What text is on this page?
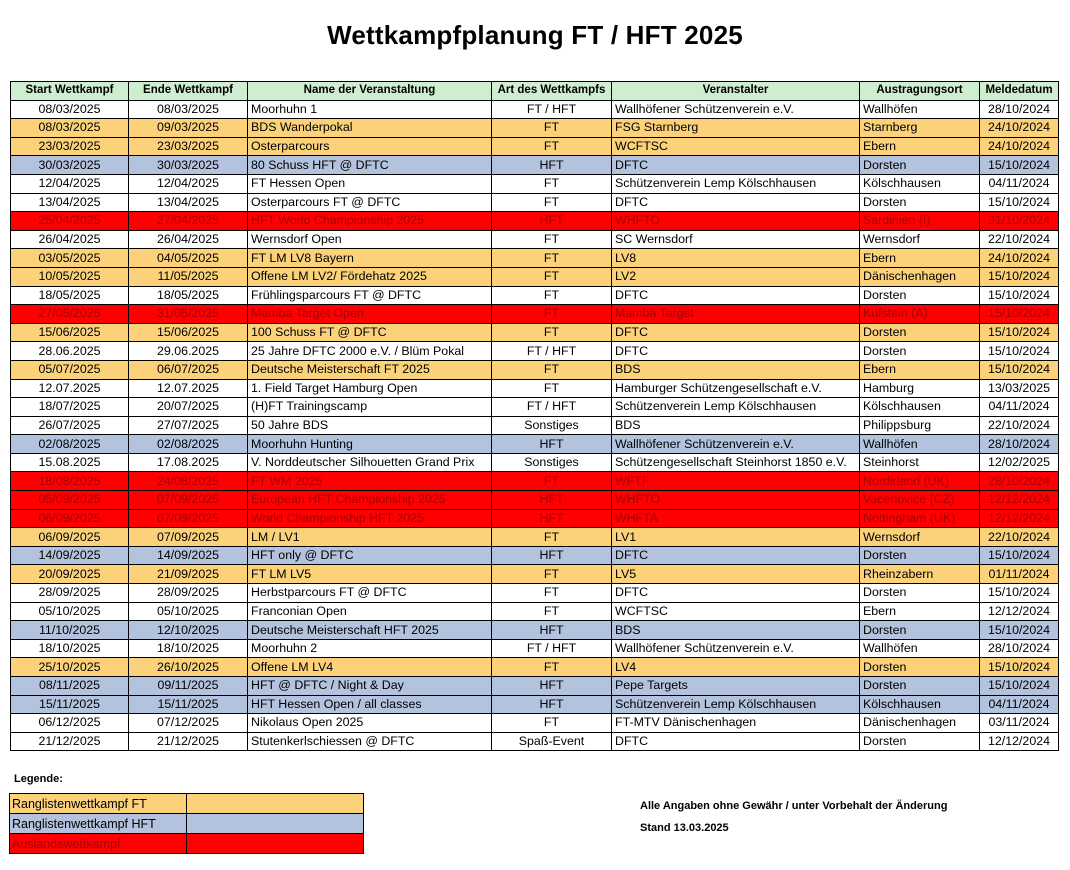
Wettkampfplanung FT / HFT 2025
Start Wettkampf	Ende Wettkampf	Name der Veranstaltung	Art des Wettkampfs	Veranstalter	Austragungsort	Meldedatum
08/03/2025	08/03/2025	Moorhuhn 1	FT / HFT	Wallhöfener Schützenverein e.V.	Wallhöfen	28/10/2024
08/03/2025	09/03/2025	BDS Wanderpokal	FT	FSG Starnberg	Starnberg	24/10/2024
23/03/2025	23/03/2025	Osterparcours	FT	WCFTSC	Ebern	24/10/2024
30/03/2025	30/03/2025	80 Schuss HFT @ DFTC	HFT	DFTC	Dorsten	15/10/2024
12/04/2025	12/04/2025	FT Hessen Open	FT	Schützenverein Lemp Kölschhausen	Kölschhausen	04/11/2024
13/04/2025	13/04/2025	Osterparcours FT @ DFTC	FT	DFTC	Dorsten	15/10/2024
25/04/2025	27/04/2025	HFT World Championship 2025	HFT	WHFTO	Sardinien (I)	31/10/2024
26/04/2025	26/04/2025	Wernsdorf Open	FT	SC Wernsdorf	Wernsdorf	22/10/2024
03/05/2025	04/05/2025	FT LM LV8 Bayern	FT	LV8	Ebern	24/10/2024
10/05/2025	11/05/2025	Offene LM LV2/ Fördehatz 2025	FT	LV2	Dänischenhagen	15/10/2024
18/05/2025	18/05/2025	Frühlingsparcours FT @ DFTC	FT	DFTC	Dorsten	15/10/2024
27/05/2025	31/05/2025	Mamba Target Open	FT	Mamba Target	Kufstein (A)	15/10/2024
15/06/2025	15/06/2025	100 Schuss FT @ DFTC	FT	DFTC	Dorsten	15/10/2024
28.06.2025	29.06.2025	25 Jahre DFTC 2000 e.V. / Blüm Pokal	FT / HFT	DFTC	Dorsten	15/10/2024
05/07/2025	06/07/2025	Deutsche Meisterschaft FT 2025	FT	BDS	Ebern	15/10/2024
12.07.2025	12.07.2025	1. Field Target Hamburg Open	FT	Hamburger Schützengesellschaft e.V.	Hamburg	13/03/2025
18/07/2025	20/07/2025	(H)FT Trainingscamp	FT / HFT	Schützenverein Lemp Kölschhausen	Kölschhausen	04/11/2024
26/07/2025	27/07/2025	50 Jahre BDS	Sonstiges	BDS	Philippsburg	22/10/2024
02/08/2025	02/08/2025	Moorhuhn Hunting	HFT	Wallhöfener Schützenverein e.V.	Wallhöfen	28/10/2024
15.08.2025	17.08.2025	V. Norddeutscher Silhouetten Grand Prix	Sonstiges	Schützengesellschaft Steinhorst 1850 e.V.	Steinhorst	12/02/2025
18/08/2025	24/08/2025	FT WM 2025	FT	WFTF	Nordirland (UK)	28/10/2024
05/09/2025	07/09/2025	European HFT Championship 2025	HFT	WHFTO	Vacenovice (CZ)	12/12/2024
06/09/2025	07/09/2025	World Championship HFT 2025	HFT	WHFTA	Nottingham (UK)	12/12/2024
06/09/2025	07/09/2025	LM / LV1	FT	LV1	Wernsdorf	22/10/2024
14/09/2025	14/09/2025	HFT only @ DFTC	HFT	DFTC	Dorsten	15/10/2024
20/09/2025	21/09/2025	FT LM LV5	FT	LV5	Rheinzabern	01/11/2024
28/09/2025	28/09/2025	Herbstparcours FT @ DFTC	FT	DFTC	Dorsten	15/10/2024
05/10/2025	05/10/2025	Franconian Open	FT	WCFTSC	Ebern	12/12/2024
11/10/2025	12/10/2025	Deutsche Meisterschaft HFT 2025	HFT	BDS	Dorsten	15/10/2024
18/10/2025	18/10/2025	Moorhuhn 2	FT / HFT	Wallhöfener Schützenverein e.V.	Wallhöfen	28/10/2024
25/10/2025	26/10/2025	Offene LM LV4	FT	LV4	Dorsten	15/10/2024
08/11/2025	09/11/2025	HFT @ DFTC / Night & Day	HFT	Pepe Targets	Dorsten	15/10/2024
15/11/2025	15/11/2025	HFT Hessen Open / all classes	HFT	Schützenverein Lemp Kölschhausen	Kölschhausen	04/11/2024
06/12/2025	07/12/2025	Nikolaus Open 2025	FT	FT-MTV Dänischenhagen	Dänischenhagen	03/11/2024
21/12/2025	21/12/2025	Stutenkerlschiessen @ DFTC	Spaß-Event	DFTC	Dorsten	12/12/2024
Legende:
Ranglistenwettkampf FT	
Ranglistenwettkampf HFT	
Auslandswettkampf	
Alle Angaben ohne Gewähr / unter Vorbehalt der Änderung
Stand 13.03.2025
